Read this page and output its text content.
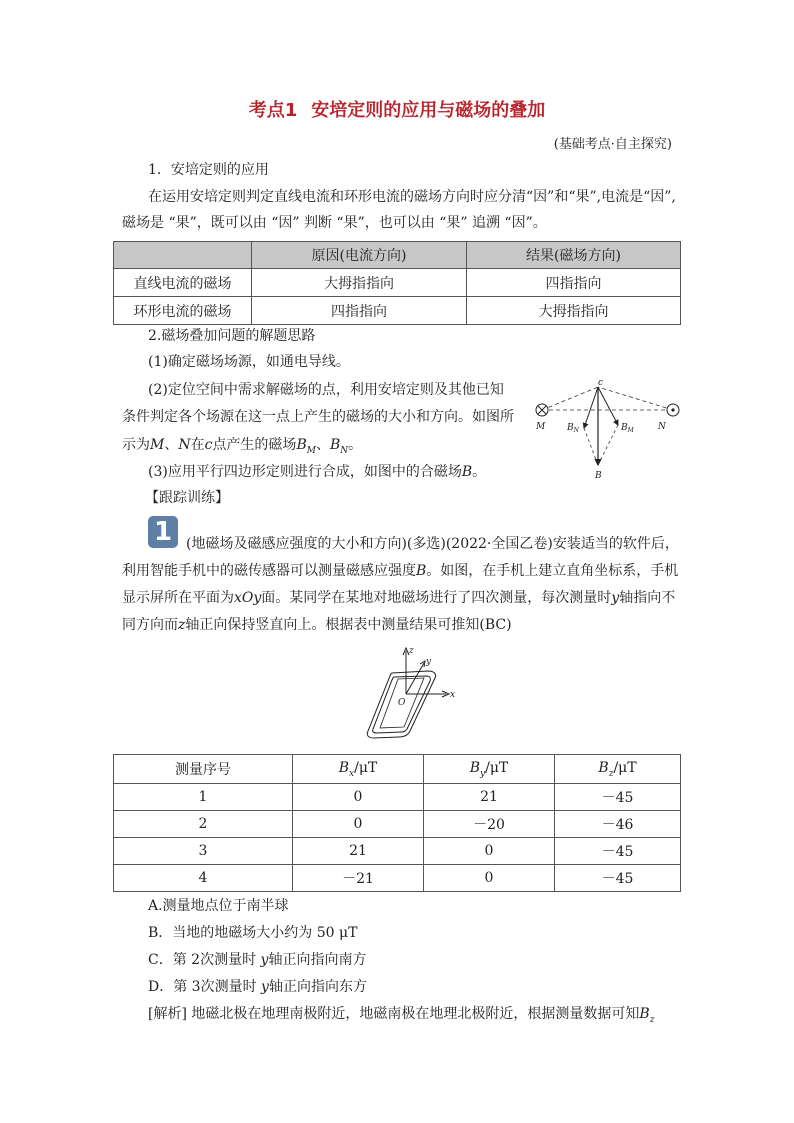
考点1 安培定则的应用与磁场的叠加
(基础考点·自主探究)
1．安培定则的应用
在运用安培定则判定直线电流和环形电流的磁场方向时应分清“因”和“果”,电流是“因”,
磁场是 “果”，既可以由 “因” 判断 “果”，也可以由 “果” 追溯 “因”。
	原因(电流方向)	结果(磁场方向)
直线电流的磁场	大拇指指向	四指指向
环形电流的磁场	四指指向	大拇指指向
2.磁场叠加问题的解题思路
(1)确定磁场场源，如通电导线。
(2)定位空间中需求解磁场的点，利用安培定则及其他已知
条件判定各个场源在这一点上产生的磁场的大小和方向。如图所
示为M、N在c点产生的磁场$B_M$、$B_N$。
(3)应用平行四边形定则进行合成，如图中的合磁场B。
c
M	N
$B_N$	$B_M$
B
【跟踪训练】
1 (地磁场及磁感应强度的大小和方向)(多选)(2022·全国乙卷)安装适当的软件后，
利用智能手机中的磁传感器可以测量磁感应强度B。如图，在手机上建立直角坐标系，手机
显示屏所在平面为xOy面。某同学在某地对地磁场进行了四次测量，每次测量时y轴指向不
同方向而z轴正向保持竖直向上。根据表中测量结果可推知(BC)
z
y
x
O
测量序号	$B_x/\mu T$	$B_y/\mu T$	$B_z/\mu T$
1	0	21	－45
2	0	－20	－46
3	21	0	－45
4	－21	0	－45
A.测量地点位于南半球
B．当地的地磁场大小约为 50 μT
C．第 2次测量时 y轴正向指向南方
D．第 3次测量时 y轴正向指向东方
[解析] 地磁北极在地理南极附近，地磁南极在地理北极附近，根据测量数据可知$B_z$
